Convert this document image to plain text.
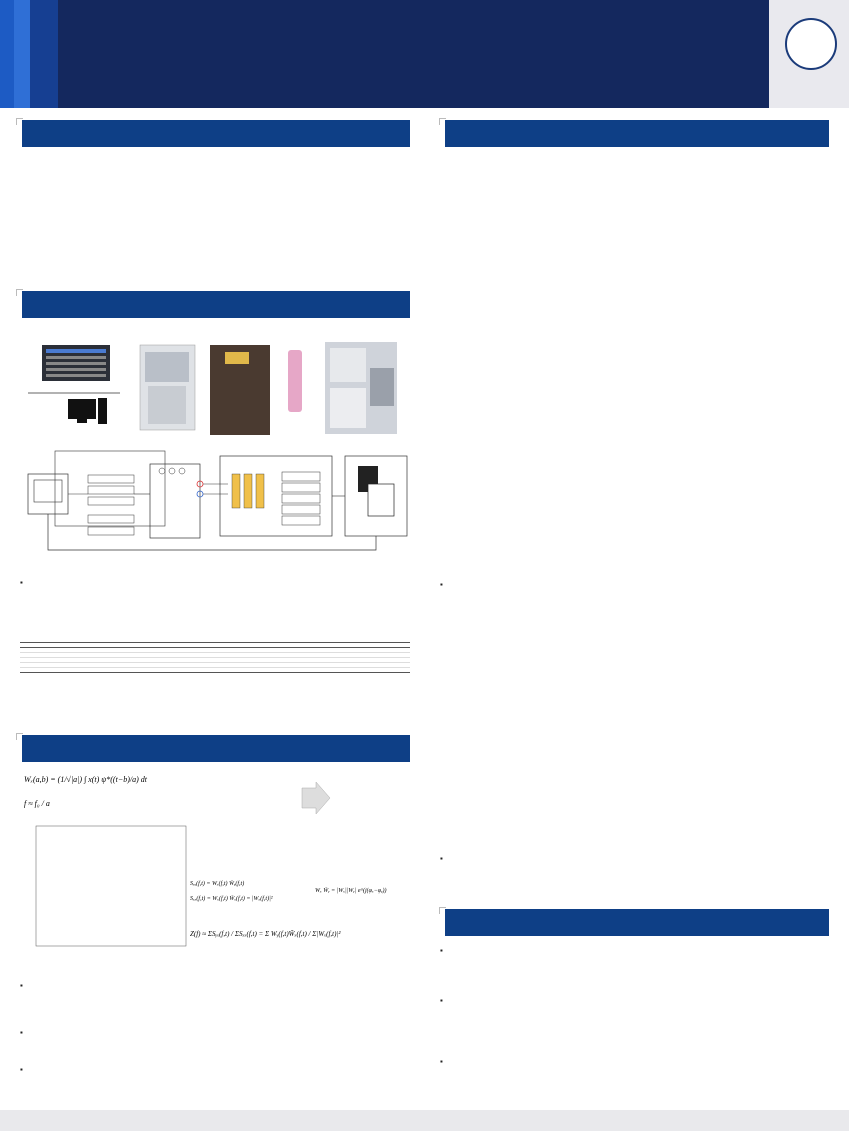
Wₓ(a,b) = (1/√|a|) ∫ x(t) ψ*((t−b)/a) dt
f ≈ f₀ / a
Sₓᵧ(f,t) = Wₓ(f,t) W̄ᵧ(f,t)
Sₓₓ(f,t) = Wₓ(f,t) W̄ₓ(f,t) = |Wₓ(f,t)|²
Wₓ W̄ᵧ = |Wₓ||Wᵧ| e^(j(φₓ−φᵧ))
Z(f) ≈ ΣSᵧₓ(f,t) / ΣSₓₓ(f,t) = Σ Wᵧ(f,t)W̄ₓ(f,t) / Σ|Wₓ(f,t)|²
